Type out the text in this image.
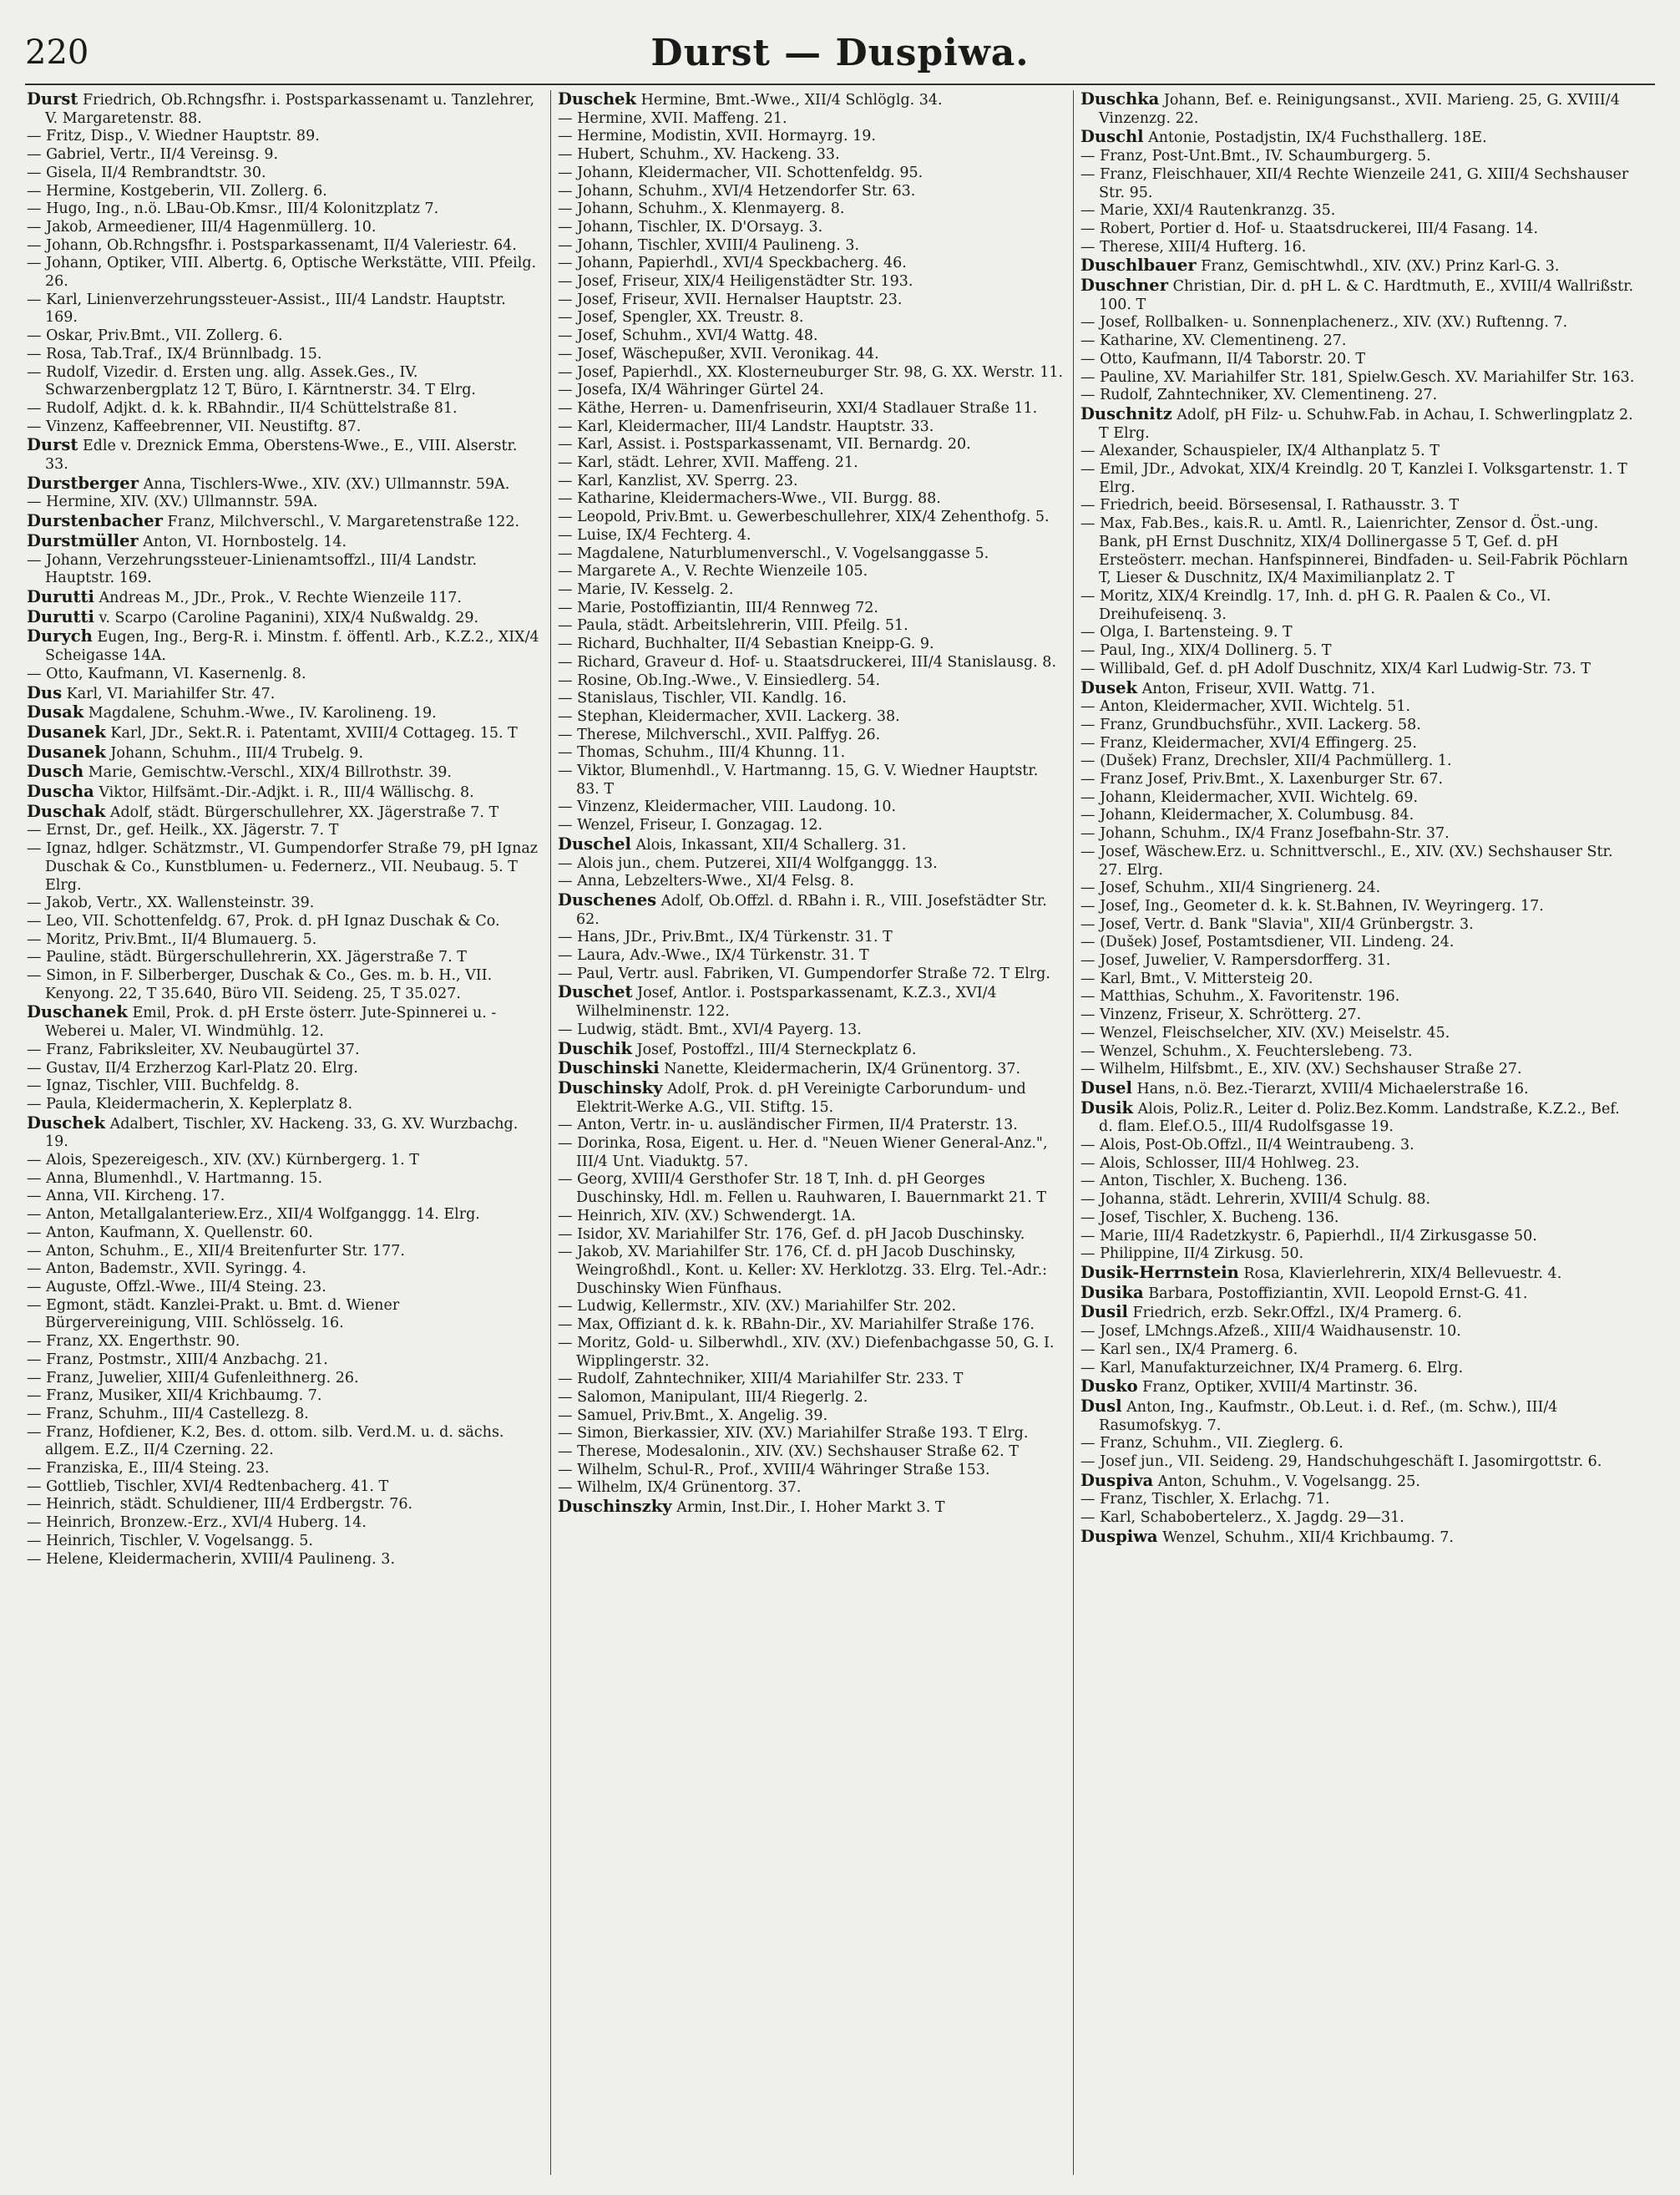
220	Durst — Duspiwa.

Durst Friedrich, Ob.Rchngsfhr. i. Postsparkassenamt u. Tanzlehrer, V. Margaretenstr. 88.

— Fritz, Disp., V. Wiedner Hauptstr. 89.

— Gabriel, Vertr., II/4 Vereinsg. 9.

— Gisela, II/4 Rembrandtstr. 30.

— Hermine, Kostgeberin, VII. Zollerg. 6.

— Hugo, Ing., n.ö. LBau-Ob.Kmsr., III/4 Kolonitzplatz 7.

— Jakob, Armeediener, III/4 Hagenmüllerg. 10.

— Johann, Ob.Rchngsfhr. i. Postsparkassenamt, II/4 Valeriestr. 64.

— Johann, Optiker, VIII. Albertg. 6, Optische Werkstätte, VIII. Pfeilg. 26.

— Karl, Linienverzehrungssteuer-Assist., III/4 Landstr. Hauptstr. 169.

— Oskar, Priv.Bmt., VII. Zollerg. 6.

— Rosa, Tab.Traf., IX/4 Brünnlbadg. 15.

— Rudolf, Vizedir. d. Ersten ung. allg. Assek.Ges., IV. Schwarzenbergplatz 12 T, Büro, I. Kärntnerstr. 34. T Elrg.

— Rudolf, Adjkt. d. k. k. RBahndir., II/4 Schüttelstraße 81.

— Vinzenz, Kaffeebrenner, VII. Neustiftg. 87.

Durst Edle v. Dreznick Emma, Oberstens-Wwe., E., VIII. Alserstr. 33.

Durstberger Anna, Tischlers-Wwe., XIV. (XV.) Ullmannstr. 59A.

— Hermine, XIV. (XV.) Ullmannstr. 59A.

Durstenbacher Franz, Milchverschl., V. Margaretenstraße 122.

Durstmüller Anton, VI. Hornbostelg. 14.

— Johann, Verzehrungssteuer-Linienamtsoffzl., III/4 Landstr. Hauptstr. 169.

Durutti Andreas M., JDr., Prok., V. Rechte Wienzeile 117.

Durutti v. Scarpo (Caroline Paganini), XIX/4 Nußwaldg. 29.

Durych Eugen, Ing., Berg-R. i. Minstm. f. öffentl. Arb., K.Z.2., XIX/4 Scheigasse 14A.

— Otto, Kaufmann, VI. Kasernenlg. 8.

Dus Karl, VI. Mariahilfer Str. 47.

Dusak Magdalene, Schuhm.-Wwe., IV. Karolineng. 19.

Dusanek Karl, JDr., Sekt.R. i. Patentamt, XVIII/4 Cottageg. 15. T

Dusanek Johann, Schuhm., III/4 Trubelg. 9.

Dusch Marie, Gemischtw.-Verschl., XIX/4 Billrothstr. 39.

Duscha Viktor, Hilfsämt.-Dir.-Adjkt. i. R., III/4 Wällischg. 8.

Duschak Adolf, städt. Bürgerschullehrer, XX. Jägerstraße 7. T

— Ernst, Dr., gef. Heilk., XX. Jägerstr. 7. T

— Ignaz, hdlger. Schätzmstr., VI. Gumpendorfer Straße 79, pH Ignaz Duschak & Co., Kunstblumen- u. Federnerz., VII. Neubaug. 5. T Elrg.

— Jakob, Vertr., XX. Wallensteinstr. 39.

— Leo, VII. Schottenfeldg. 67, Prok. d. pH Ignaz Duschak & Co.

— Moritz, Priv.Bmt., II/4 Blumauerg. 5.

— Pauline, städt. Bürgerschullehrerin, XX. Jägerstraße 7. T

— Simon, in F. Silberberger, Duschak & Co., Ges. m. b. H., VII. Kenyong. 22, T 35.640, Büro VII. Seideng. 25, T 35.027.

Duschanek Emil, Prok. d. pH Erste österr. Jute-Spinnerei u. -Weberei u. Maler, VI. Windmühlg. 12.

— Franz, Fabriksleiter, XV. Neubaugürtel 37.

— Gustav, II/4 Erzherzog Karl-Platz 20. Elrg.

— Ignaz, Tischler, VIII. Buchfeldg. 8.

— Paula, Kleidermacherin, X. Keplerplatz 8.

Duschek Adalbert, Tischler, XV. Hackeng. 33, G. XV. Wurzbachg. 19.

— Alois, Spezereigesch., XIV. (XV.) Kürnbergerg. 1. T

— Anna, Blumenhdl., V. Hartmanng. 15.

— Anna, VII. Kircheng. 17.

— Anton, Metallgalanteriew.Erz., XII/4 Wolfganggg. 14. Elrg.

— Anton, Kaufmann, X. Quellenstr. 60.

— Anton, Schuhm., E., XII/4 Breitenfurter Str. 177.

— Anton, Bademstr., XVII. Syringg. 4.

— Auguste, Offzl.-Wwe., III/4 Steing. 23.

— Egmont, städt. Kanzlei-Prakt. u. Bmt. d. Wiener Bürgervereinigung, VIII. Schlösselg. 16.

— Franz, XX. Engerthstr. 90.

— Franz, Postmstr., XIII/4 Anzbachg. 21.

— Franz, Juwelier, XIII/4 Gufenleithnerg. 26.

— Franz, Musiker, XII/4 Krichbaumg. 7.

— Franz, Schuhm., III/4 Castellezg. 8.

— Franz, Hofdiener, K.2, Bes. d. ottom. silb. Verd.M. u. d. sächs. allgem. E.Z., II/4 Czerning. 22.

— Franziska, E., III/4 Steing. 23.

— Gottlieb, Tischler, XVI/4 Redtenbacherg. 41. T

— Heinrich, städt. Schuldiener, III/4 Erdbergstr. 76.

— Heinrich, Bronzew.-Erz., XVI/4 Huberg. 14.

— Heinrich, Tischler, V. Vogelsangg. 5.

— Helene, Kleidermacherin, XVIII/4 Paulineng. 3.

Duschek Hermine, Bmt.-Wwe., XII/4 Schlöglg. 34.

— Hermine, XVII. Maffeng. 21.

— Hermine, Modistin, XVII. Hormayrg. 19.

— Hubert, Schuhm., XV. Hackeng. 33.

— Johann, Kleidermacher, VII. Schottenfeldg. 95.

— Johann, Schuhm., XVI/4 Hetzendorfer Str. 63.

— Johann, Schuhm., X. Klenmayerg. 8.

— Johann, Tischler, IX. D'Orsayg. 3.

— Johann, Tischler, XVIII/4 Paulineng. 3.

— Johann, Papierhdl., XVI/4 Speckbacherg. 46.

— Josef, Friseur, XIX/4 Heiligenstädter Str. 193.

— Josef, Friseur, XVII. Hernalser Hauptstr. 23.

— Josef, Spengler, XX. Treustr. 8.

— Josef, Schuhm., XVI/4 Wattg. 48.

— Josef, Wäschepußer, XVII. Veronikag. 44.

— Josef, Papierhdl., XX. Klosterneuburger Str. 98, G. XX. Werstr. 11.

— Josefa, IX/4 Währinger Gürtel 24.

— Käthe, Herren- u. Damenfriseurin, XXI/4 Stadlauer Straße 11.

— Karl, Kleidermacher, III/4 Landstr. Hauptstr. 33.

— Karl, Assist. i. Postsparkassenamt, VII. Bernardg. 20.

— Karl, städt. Lehrer, XVII. Maffeng. 21.

— Karl, Kanzlist, XV. Sperrg. 23.

— Katharine, Kleidermachers-Wwe., VII. Burgg. 88.

— Leopold, Priv.Bmt. u. Gewerbeschullehrer, XIX/4 Zehenthofg. 5.

— Luise, IX/4 Fechterg. 4.

— Magdalene, Naturblumenverschl., V. Vogelsanggasse 5.

— Margarete A., V. Rechte Wienzeile 105.

— Marie, IV. Kesselg. 2.

— Marie, Postoffiziantin, III/4 Rennweg 72.

— Paula, städt. Arbeitslehrerin, VIII. Pfeilg. 51.

— Richard, Buchhalter, II/4 Sebastian Kneipp-G. 9.

— Richard, Graveur d. Hof- u. Staatsdruckerei, III/4 Stanislausg. 8.

— Rosine, Ob.Ing.-Wwe., V. Einsiedlerg. 54.

— Stanislaus, Tischler, VII. Kandlg. 16.

— Stephan, Kleidermacher, XVII. Lackerg. 38.

— Therese, Milchverschl., XVII. Palffyg. 26.

— Thomas, Schuhm., III/4 Khunng. 11.

— Viktor, Blumenhdl., V. Hartmanng. 15, G. V. Wiedner Hauptstr. 83. T

— Vinzenz, Kleidermacher, VIII. Laudong. 10.

— Wenzel, Friseur, I. Gonzagag. 12.

Duschel Alois, Inkassant, XII/4 Schallerg. 31.

— Alois jun., chem. Putzerei, XII/4 Wolfganggg. 13.

— Anna, Lebzelters-Wwe., XI/4 Felsg. 8.

Duschenes Adolf, Ob.Offzl. d. RBahn i. R., VIII. Josefstädter Str. 62.

— Hans, JDr., Priv.Bmt., IX/4 Türkenstr. 31. T

— Laura, Adv.-Wwe., IX/4 Türkenstr. 31. T

— Paul, Vertr. ausl. Fabriken, VI. Gumpendorfer Straße 72. T Elrg.

Duschet Josef, Antlor. i. Postsparkassenamt, K.Z.3., XVI/4 Wilhelminenstr. 122.

— Ludwig, städt. Bmt., XVI/4 Payerg. 13.

Duschik Josef, Postoffzl., III/4 Sterneckplatz 6.

Duschinski Nanette, Kleidermacherin, IX/4 Grünentorg. 37.

Duschinsky Adolf, Prok. d. pH Vereinigte Carborundum- und Elektrit-Werke A.G., VII. Stiftg. 15.

— Anton, Vertr. in- u. ausländischer Firmen, II/4 Praterstr. 13.

— Dorinka, Rosa, Eigent. u. Her. d. "Neuen Wiener General-Anz.", III/4 Unt. Viaduktg. 57.

— Georg, XVIII/4 Gersthofer Str. 18 T, Inh. d. pH Georges Duschinsky, Hdl. m. Fellen u. Rauhwaren, I. Bauernmarkt 21. T

— Heinrich, XIV. (XV.) Schwendergt. 1A.

— Isidor, XV. Mariahilfer Str. 176, Gef. d. pH Jacob Duschinsky.

— Jakob, XV. Mariahilfer Str. 176, Cf. d. pH Jacob Duschinsky, Weingroßhdl., Kont. u. Keller: XV. Herklotzg. 33. Elrg. Tel.-Adr.: Duschinsky Wien Fünfhaus.

— Ludwig, Kellermstr., XIV. (XV.) Mariahilfer Str. 202.

— Max, Offiziant d. k. k. RBahn-Dir., XV. Mariahilfer Straße 176.

— Moritz, Gold- u. Silberwhdl., XIV. (XV.) Diefenbachgasse 50, G. I. Wipplingerstr. 32.

— Rudolf, Zahntechniker, XIII/4 Mariahilfer Str. 233. T

— Salomon, Manipulant, III/4 Riegerlg. 2.

— Samuel, Priv.Bmt., X. Angelig. 39.

— Simon, Bierkassier, XIV. (XV.) Mariahilfer Straße 193. T Elrg.

— Therese, Modesalonin., XIV. (XV.) Sechshauser Straße 62. T

— Wilhelm, Schul-R., Prof., XVIII/4 Währinger Straße 153.

— Wilhelm, IX/4 Grünentorg. 37.

Duschinszky Armin, Inst.Dir., I. Hoher Markt 3. T

Duschka Johann, Bef. e. Reinigungsanst., XVII. Marieng. 25, G. XVIII/4 Vinzenzg. 22.

Duschl Antonie, Postadjstin, IX/4 Fuchsthallerg. 18E.

— Franz, Post-Unt.Bmt., IV. Schaumburgerg. 5.

— Franz, Fleischhauer, XII/4 Rechte Wienzeile 241, G. XIII/4 Sechshauser Str. 95.

— Marie, XXI/4 Rautenkranzg. 35.

— Robert, Portier d. Hof- u. Staatsdruckerei, III/4 Fasang. 14.

— Therese, XIII/4 Hufterg. 16.

Duschlbauer Franz, Gemischtwhdl., XIV. (XV.) Prinz Karl-G. 3.

Duschner Christian, Dir. d. pH L. & C. Hardtmuth, E., XVIII/4 Wallrißstr. 100. T

— Josef, Rollbalken- u. Sonnenplachenerz., XIV. (XV.) Ruftenng. 7.

— Katharine, XV. Clementineng. 27.

— Otto, Kaufmann, II/4 Taborstr. 20. T

— Pauline, XV. Mariahilfer Str. 181, Spielw.Gesch. XV. Mariahilfer Str. 163.

— Rudolf, Zahntechniker, XV. Clementineng. 27.

Duschnitz Adolf, pH Filz- u. Schuhw.Fab. in Achau, I. Schwerlingplatz 2. T Elrg.

— Alexander, Schauspieler, IX/4 Althanplatz 5. T

— Emil, JDr., Advokat, XIX/4 Kreindlg. 20 T, Kanzlei I. Volksgartenstr. 1. T Elrg.

— Friedrich, beeid. Börsesensal, I. Rathausstr. 3. T

— Max, Fab.Bes., kais.R. u. Amtl. R., Laienrichter, Zensor d. Öst.-ung. Bank, pH Ernst Duschnitz, XIX/4 Dollinergasse 5 T, Gef. d. pH Ersteösterr. mechan. Hanfspinnerei, Bindfaden- u. Seil-Fabrik Pöchlarn T, Lieser & Duschnitz, IX/4 Maximilianplatz 2. T

— Moritz, XIX/4 Kreindlg. 17, Inh. d. pH G. R. Paalen & Co., VI. Dreihufeisenq. 3.

— Olga, I. Bartensteing. 9. T

— Paul, Ing., XIX/4 Dollinerg. 5. T

— Willibald, Gef. d. pH Adolf Duschnitz, XIX/4 Karl Ludwig-Str. 73. T

Dusek Anton, Friseur, XVII. Wattg. 71.

— Anton, Kleidermacher, XVII. Wichtelg. 51.

— Franz, Grundbuchsführ., XVII. Lackerg. 58.

— Franz, Kleidermacher, XVI/4 Effingerg. 25.

— (Dušek) Franz, Drechsler, XII/4 Pachmüllerg. 1.

— Franz Josef, Priv.Bmt., X. Laxenburger Str. 67.

— Johann, Kleidermacher, XVII. Wichtelg. 69.

— Johann, Kleidermacher, X. Columbusg. 84.

— Johann, Schuhm., IX/4 Franz Josefbahn-Str. 37.

— Josef, Wäschew.Erz. u. Schnittverschl., E., XIV. (XV.) Sechshauser Str. 27. Elrg.

— Josef, Schuhm., XII/4 Singrienerg. 24.

— Josef, Ing., Geometer d. k. k. St.Bahnen, IV. Weyringerg. 17.

— Josef, Vertr. d. Bank "Slavia", XII/4 Grünbergstr. 3.

— (Dušek) Josef, Postamtsdiener, VII. Lindeng. 24.

— Josef, Juwelier, V. Rampersdorfferg. 31.

— Karl, Bmt., V. Mittersteig 20.

— Matthias, Schuhm., X. Favoritenstr. 196.

— Vinzenz, Friseur, X. Schrötterg. 27.

— Wenzel, Fleischselcher, XIV. (XV.) Meiselstr. 45.

— Wenzel, Schuhm., X. Feuchterslebeng. 73.

— Wilhelm, Hilfsbmt., E., XIV. (XV.) Sechshauser Straße 27.

Dusel Hans, n.ö. Bez.-Tierarzt, XVIII/4 Michaelerstraße 16.

Dusik Alois, Poliz.R., Leiter d. Poliz.Bez.Komm. Landstraße, K.Z.2., Bef. d. flam. Elef.O.5., III/4 Rudolfsgasse 19.

— Alois, Post-Ob.Offzl., II/4 Weintraubeng. 3.

— Alois, Schlosser, III/4 Hohlweg. 23.

— Anton, Tischler, X. Bucheng. 136.

— Johanna, städt. Lehrerin, XVIII/4 Schulg. 88.

— Josef, Tischler, X. Bucheng. 136.

— Marie, III/4 Radetzkystr. 6, Papierhdl., II/4 Zirkusgasse 50.

— Philippine, II/4 Zirkusg. 50.

Dusik-Herrnstein Rosa, Klavierlehrerin, XIX/4 Bellevuestr. 4.

Dusika Barbara, Postoffiziantin, XVII. Leopold Ernst-G. 41.

Dusil Friedrich, erzb. Sekr.Offzl., IX/4 Pramerg. 6.

— Josef, LMchngs.Afzeß., XIII/4 Waidhausenstr. 10.

— Karl sen., IX/4 Pramerg. 6.

— Karl, Manufakturzeichner, IX/4 Pramerg. 6. Elrg.

Dusko Franz, Optiker, XVIII/4 Martinstr. 36.

Dusl Anton, Ing., Kaufmstr., Ob.Leut. i. d. Ref., (m. Schw.), III/4 Rasumofskyg. 7.

— Franz, Schuhm., VII. Zieglerg. 6.

— Josef jun., VII. Seideng. 29, Handschuhgeschäft I. Jasomirgottstr. 6.

Duspiva Anton, Schuhm., V. Vogelsangg. 25.

— Franz, Tischler, X. Erlachg. 71.

— Karl, Schabobertelerz., X. Jagdg. 29—31.

Duspiwa Wenzel, Schuhm., XII/4 Krichbaumg. 7.
